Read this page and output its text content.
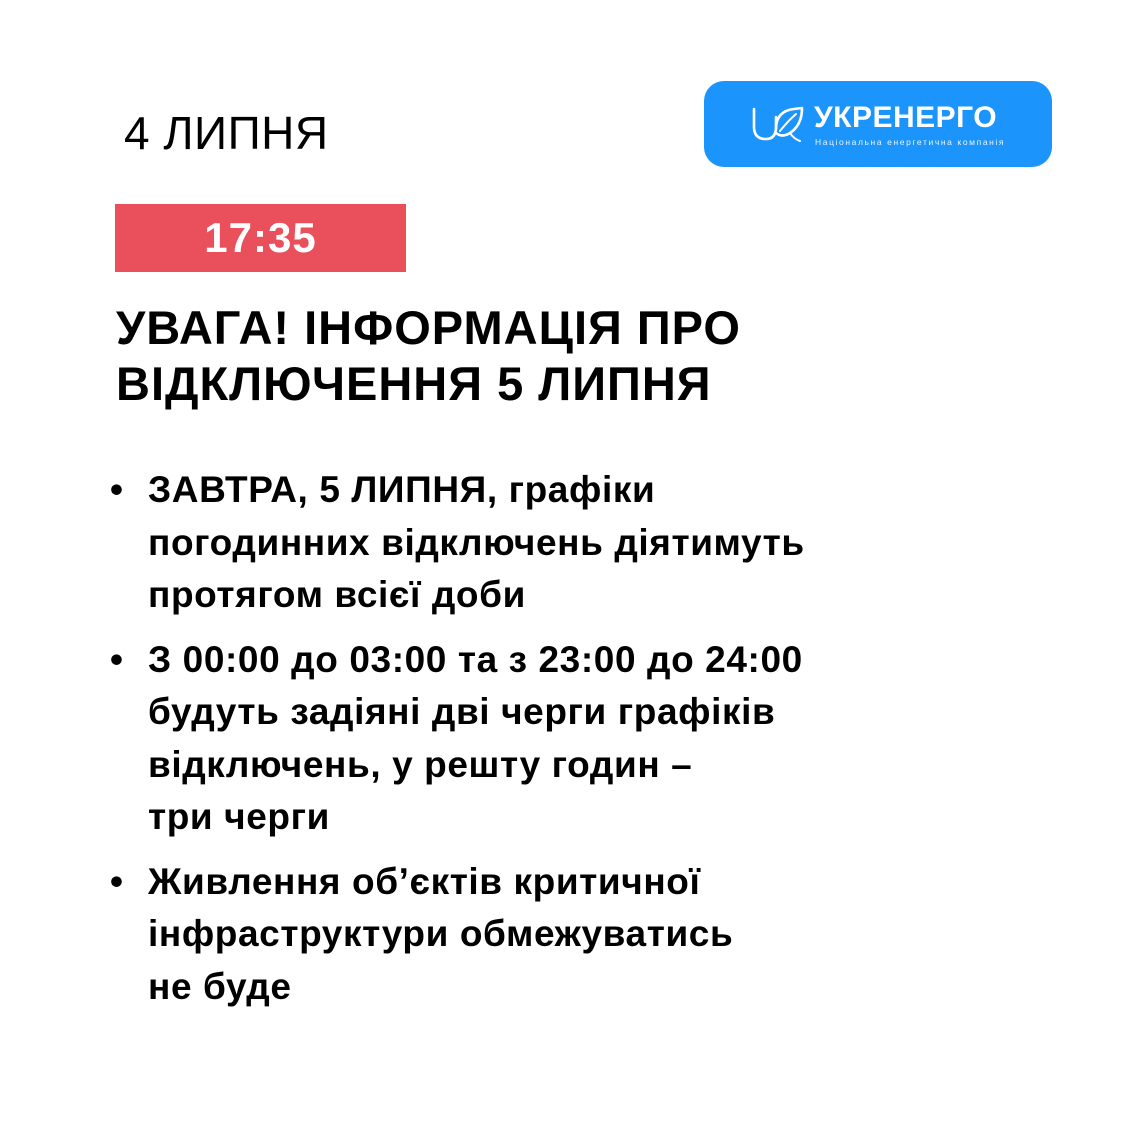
4 ЛИПНЯ	УКРЕНЕРГО
Національна енергетична компанія
17:35
УВАГА! ІНФОРМАЦІЯ ПРО
ВІДКЛЮЧЕННЯ 5 ЛИПНЯ
• ЗАВТРА, 5 ЛИПНЯ, графіки
погодинних відключень діятимуть
протягом всієї доби
• З 00:00 до 03:00 та з 23:00 до 24:00
будуть задіяні дві черги графіків
відключень, у решту годин –
три черги
• Живлення об’єктів критичної
інфраструктури обмежуватись
не буде
